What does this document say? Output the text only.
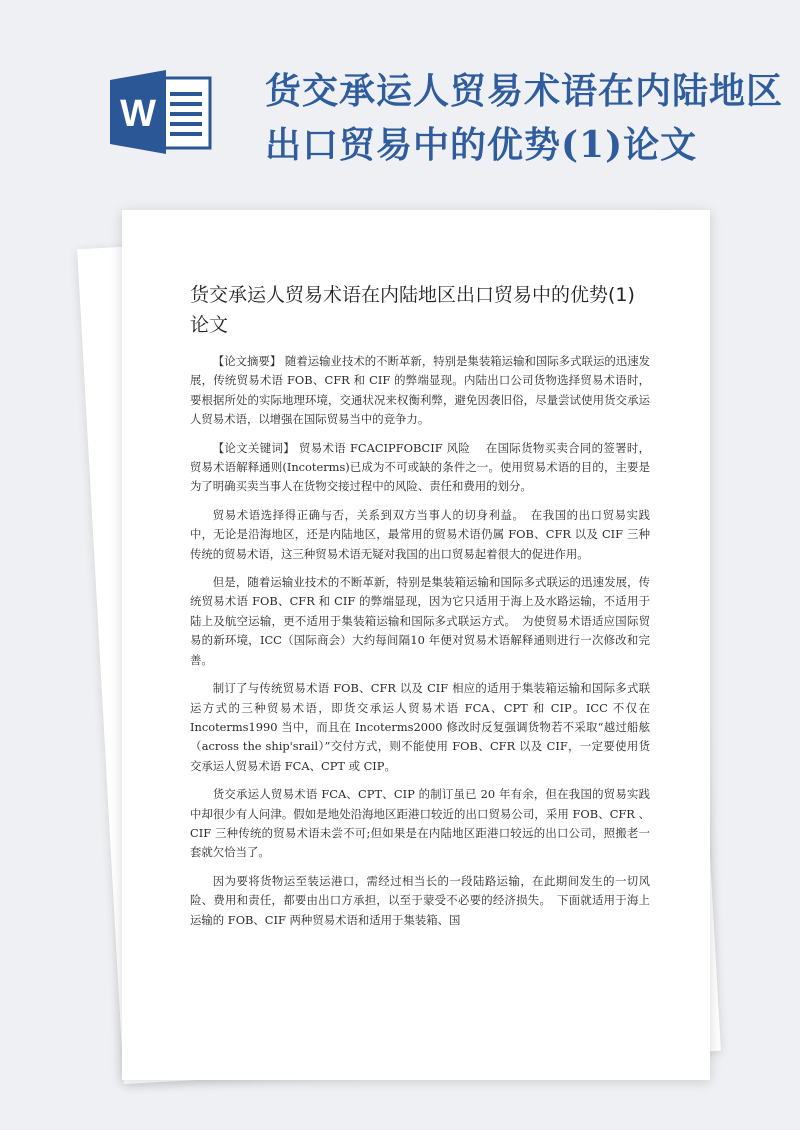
W
货交承运人贸易术语在内陆地区出口贸易中的优势(1)论文
货交承运人贸易术语在内陆地区出口贸易中的优势(1)论文

【论文摘要】 随着运输业技术的不断革新，特别是集装箱运输和国际多式联运的迅速发展，传统贸易术语 FOB、CFR 和 CIF 的弊端显现。内陆出口公司货物选择贸易术语时，要根据所处的实际地理环境，交通状况来权衡利弊，避免因袭旧俗，尽量尝试使用货交承运人贸易术语，以增强在国际贸易当中的竞争力。

【论文关键词】 贸易术语 FCACIPFOBCIF 风险　 在国际货物买卖合同的签署时，贸易术语解释通则(Incoterms)已成为不可或缺的条件之一。使用贸易术语的目的，主要是为了明确买卖当事人在货物交接过程中的风险、责任和费用的划分。

贸易术语选择得正确与否，关系到双方当事人的切身利益。　在我国的出口贸易实践中，无论是沿海地区，还是内陆地区，最常用的贸易术语仍属 FOB、CFR 以及 CIF 三种传统的贸易术语，这三种贸易术语无疑对我国的出口贸易起着很大的促进作用。

但是，随着运输业技术的不断革新，特别是集装箱运输和国际多式联运的迅速发展，传统贸易术语 FOB、CFR 和 CIF 的弊端显现，因为它只适用于海上及水路运输，不适用于陆上及航空运输，更不适用于集装箱运输和国际多式联运方式。　为使贸易术语适应国际贸易的新环境，ICC（国际商会）大约每间隔10 年便对贸易术语解释通则进行一次修改和完善。

制订了与传统贸易术语 FOB、CFR 以及 CIF 相应的适用于集装箱运输和国际多式联运方式的三种贸易术语，即货交承运人贸易术语 FCA、CPT 和 CIP。ICC 不仅在 Incoterms1990 当中，而且在 Incoterms2000 修改时反复强调货物若不采取“越过船舷（across the ship'srail）”交付方式，则不能使用 FOB、CFR 以及 CIF，一定要使用货交承运人贸易术语 FCA、CPT 或 CIP。

货交承运人贸易术语 FCA、CPT、CIP 的制订虽已 20 年有余，但在我国的贸易实践中却很少有人问津。假如是地处沿海地区距港口较近的出口贸易公司，采用 FOB、CFR 、CIF 三种传统的贸易术语未尝不可;但如果是在内陆地区距港口较远的出口公司，照搬老一套就欠恰当了。

因为要将货物运至装运港口，需经过相当长的一段陆路运输，在此期间发生的一切风险、费用和责任，都要由出口方承担，以至于蒙受不必要的经济损失。　下面就适用于海上运输的 FOB、CIF 两种贸易术语和适用于集装箱、国
